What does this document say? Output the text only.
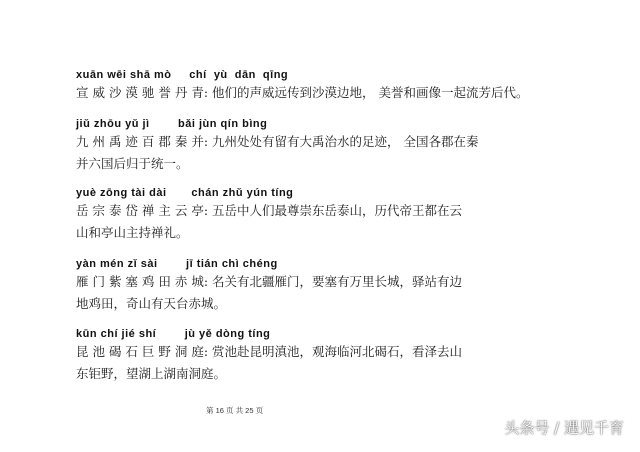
xuān wēi shā mò     chí  yù  dān  qīng
宣 威 沙 漠 驰 誉 丹 青: 他们的声威远传到沙漠边地， 美誉和画像一起流芳后代。
jiǔ zhōu yǔ jì        bǎi jùn qín bìng
九 州 禹 迹 百 郡 秦 并: 九州处处有留有大禹治水的足迹， 全国各郡在秦
并六国后归于统一。
yuè zōng tài dài       chán zhǔ yún tíng
岳 宗 泰 岱 禅 主 云 亭: 五岳中人们最尊崇东岳泰山，历代帝王都在云
山和亭山主持禅礼。
yàn mén zǐ sài        jī tián chì chéng
雁 门 紫 塞 鸡 田 赤 城: 名关有北疆雁门，要塞有万里长城，驿站有边
地鸡田，奇山有天台赤城。
kūn chí jié shí        jù yě dòng tíng
昆 池 碣 石 巨 野 洞 庭: 赏池赴昆明滇池，观海临河北碣石，看泽去山
东钜野，望湖上湖南洞庭。
第 16 页 共 25 页
头条号 / 遇见千育
